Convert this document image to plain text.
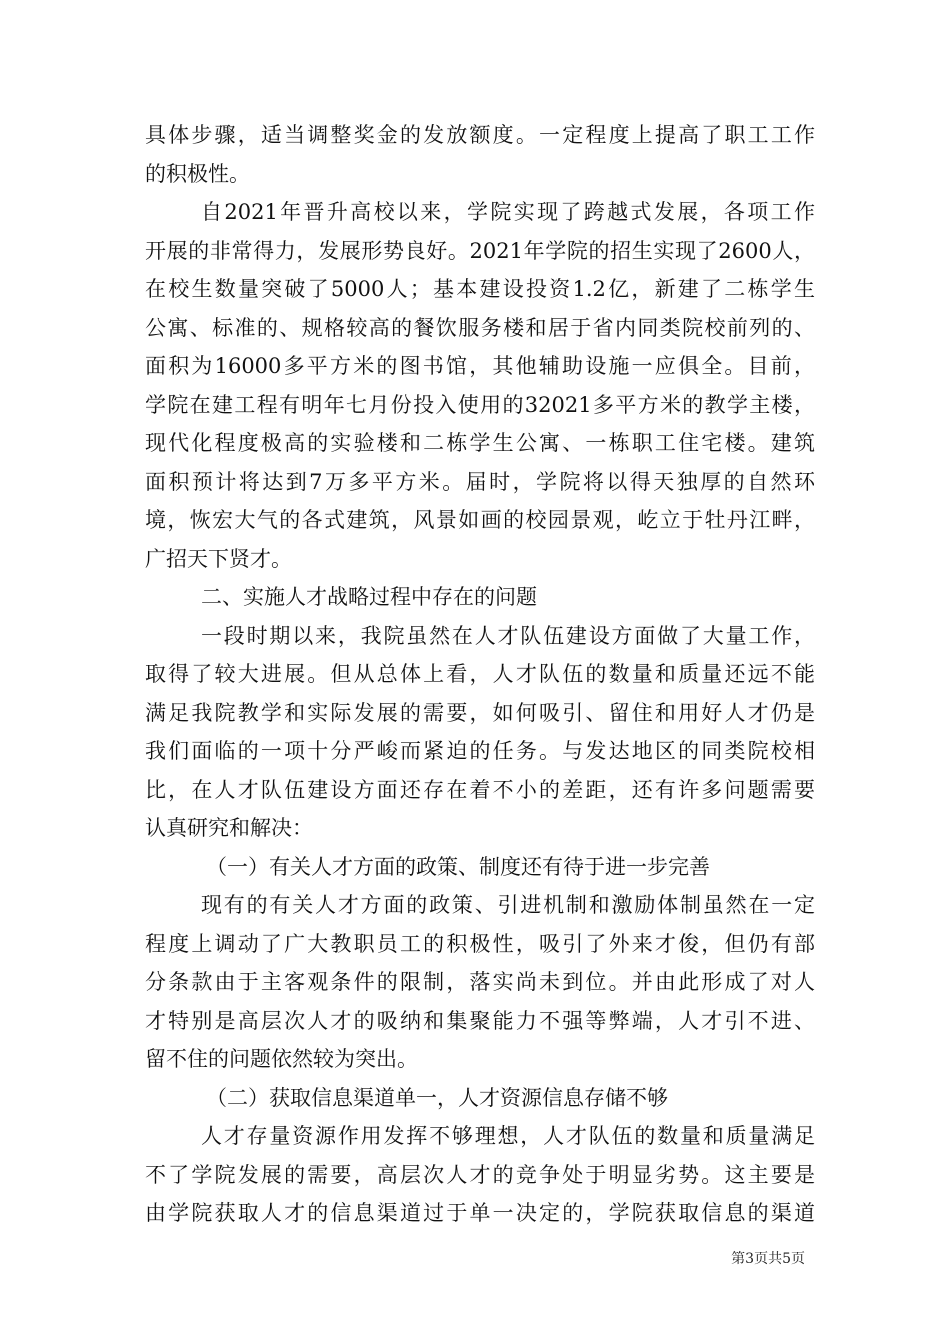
具体步骤，适当调整奖金的发放额度。一定程度上提高了职工工作
的积极性。
自2021年晋升高校以来，学院实现了跨越式发展，各项工作
开展的非常得力，发展形势良好。2021年学院的招生实现了2600人，
在校生数量突破了5000人；基本建设投资1.2亿，新建了二栋学生
公寓、标准的、规格较高的餐饮服务楼和居于省内同类院校前列的、
面积为16000多平方米的图书馆，其他辅助设施一应俱全。目前，
学院在建工程有明年七月份投入使用的32021多平方米的教学主楼，
现代化程度极高的实验楼和二栋学生公寓、一栋职工住宅楼。建筑
面积预计将达到7万多平方米。届时，学院将以得天独厚的自然环
境，恢宏大气的各式建筑，风景如画的校园景观，屹立于牡丹江畔，
广招天下贤才。
二、实施人才战略过程中存在的问题
一段时期以来，我院虽然在人才队伍建设方面做了大量工作，
取得了较大进展。但从总体上看，人才队伍的数量和质量还远不能
满足我院教学和实际发展的需要，如何吸引、留住和用好人才仍是
我们面临的一项十分严峻而紧迫的任务。与发达地区的同类院校相
比，在人才队伍建设方面还存在着不小的差距，还有许多问题需要
认真研究和解决：
（一）有关人才方面的政策、制度还有待于进一步完善
现有的有关人才方面的政策、引进机制和激励体制虽然在一定
程度上调动了广大教职员工的积极性，吸引了外来才俊，但仍有部
分条款由于主客观条件的限制，落实尚未到位。并由此形成了对人
才特别是高层次人才的吸纳和集聚能力不强等弊端，人才引不进、
留不住的问题依然较为突出。
（二）获取信息渠道单一，人才资源信息存储不够
人才存量资源作用发挥不够理想，人才队伍的数量和质量满足
不了学院发展的需要，高层次人才的竞争处于明显劣势。这主要是
由学院获取人才的信息渠道过于单一决定的，学院获取信息的渠道
第3页共5页
